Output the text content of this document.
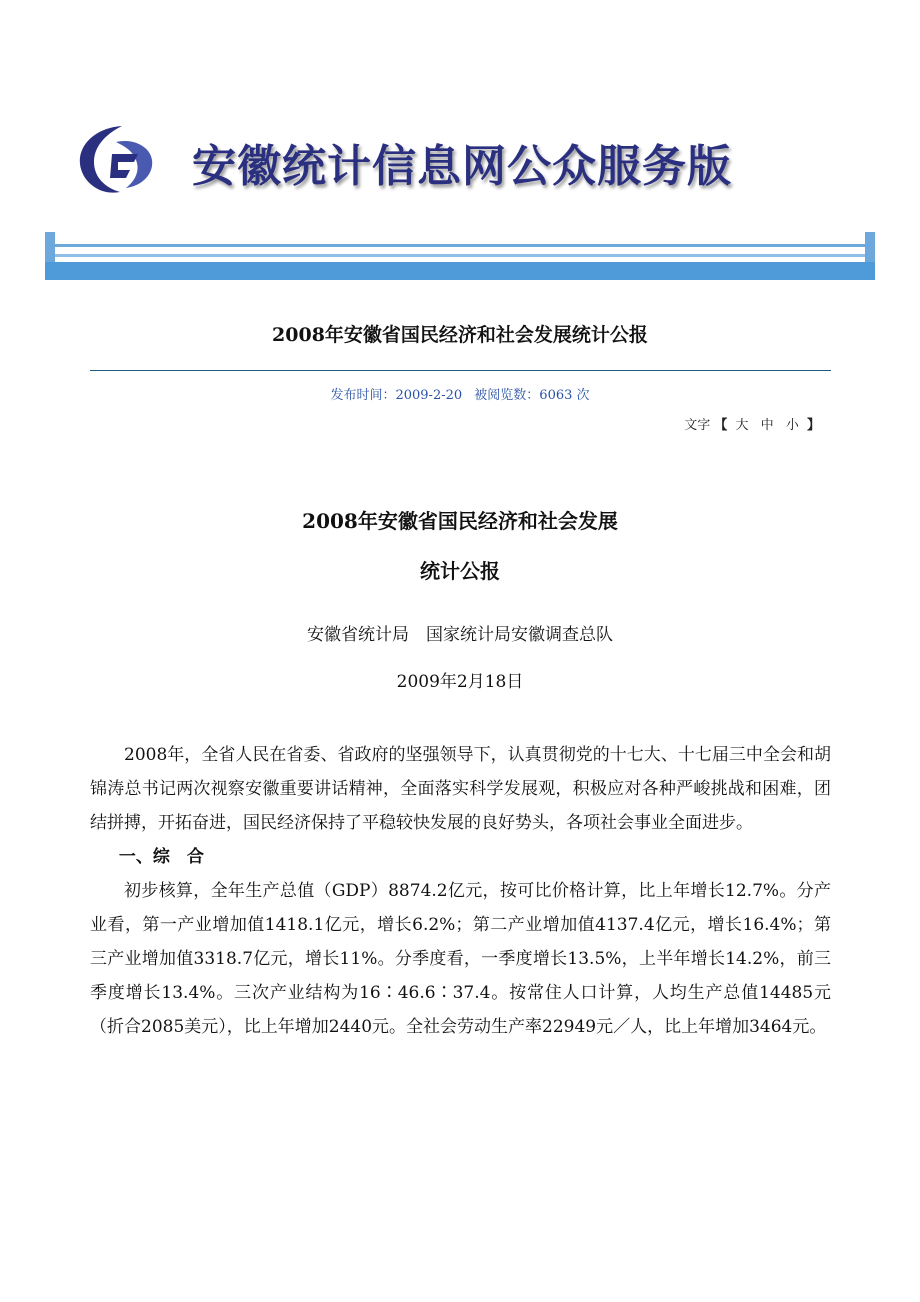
安徽统计信息网公众服务版
2008年安徽省国民经济和社会发展统计公报
发布时间：2009-2-20 被阅览数：6063 次
文字 【 大 中 小 】
2008年安徽省国民经济和社会发展
统计公报
安徽省统计局　国家统计局安徽调查总队
2009年2月18日

2008年，全省人民在省委、省政府的坚强领导下，认真贯彻党的十七大、十七届三中全会和胡锦涛总书记两次视察安徽重要讲话精神，全面落实科学发展观，积极应对各种严峻挑战和困难，团结拼搏，开拓奋进，国民经济保持了平稳较快发展的良好势头，各项社会事业全面进步。

一、综　合

初步核算，全年生产总值（GDP）8874.2亿元，按可比价格计算，比上年增长12.7%。分产业看，第一产业增加值1418.1亿元，增长6.2%；第二产业增加值4137.4亿元，增长16.4%；第三产业增加值3318.7亿元，增长11%。分季度看，一季度增长13.5%，上半年增长14.2%，前三季度增长13.4%。三次产业结构为16∶46.6∶37.4。按常住人口计算，人均生产总值14485元（折合2085美元），比上年增加2440元。全社会劳动生产率22949元／人，比上年增加3464元。
